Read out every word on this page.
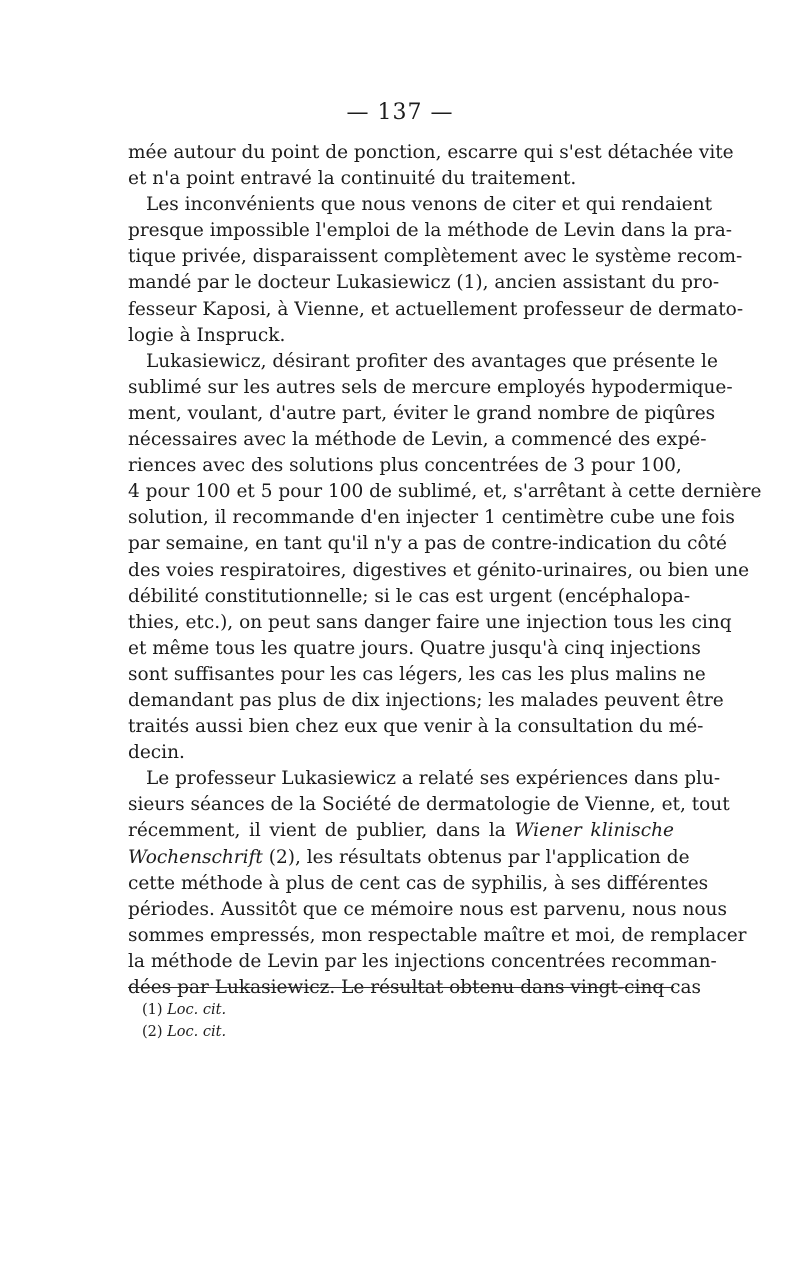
— 137 —
mée autour du point de ponction, escarre qui s'est détachée vite
et n'a point entravé la continuité du traitement.
Les inconvénients que nous venons de citer et qui rendaient
presque impossible l'emploi de la méthode de Levin dans la pra-
tique privée, disparaissent complètement avec le système recom-
mandé par le docteur Lukasiewicz (1), ancien assistant du pro-
fesseur Kaposi, à Vienne, et actuellement professeur de dermato-
logie à Inspruck.
Lukasiewicz, désirant profiter des avantages que présente le
sublimé sur les autres sels de mercure employés hypodermique-
ment, voulant, d'autre part, éviter le grand nombre de piqûres
nécessaires avec la méthode de Levin, a commencé des expé-
riences avec des solutions plus concentrées de 3 pour 100,
4 pour 100 et 5 pour 100 de sublimé, et, s'arrêtant à cette dernière
solution, il recommande d'en injecter 1 centimètre cube une fois
par semaine, en tant qu'il n'y a pas de contre-indication du côté
des voies respiratoires, digestives et génito-urinaires, ou bien une
débilité constitutionnelle; si le cas est urgent (encéphalopa-
thies, etc.), on peut sans danger faire une injection tous les cinq
et même tous les quatre jours. Quatre jusqu'à cinq injections
sont suffisantes pour les cas légers, les cas les plus malins ne
demandant pas plus de dix injections; les malades peuvent être
traités aussi bien chez eux que venir à la consultation du mé-
decin.
Le professeur Lukasiewicz a relaté ses expériences dans plu-
sieurs séances de la Société de dermatologie de Vienne, et, tout
récemment, il vient de publier, dans la Wiener klinische
Wochenschrift (2), les résultats obtenus par l'application de
cette méthode à plus de cent cas de syphilis, à ses différentes
périodes. Aussitôt que ce mémoire nous est parvenu, nous nous
sommes empressés, mon respectable maître et moi, de remplacer
la méthode de Levin par les injections concentrées recomman-
dées par Lukasiewicz. Le résultat obtenu dans vingt-cinq cas
(1) Loc. cit.
(2) Loc. cit.
